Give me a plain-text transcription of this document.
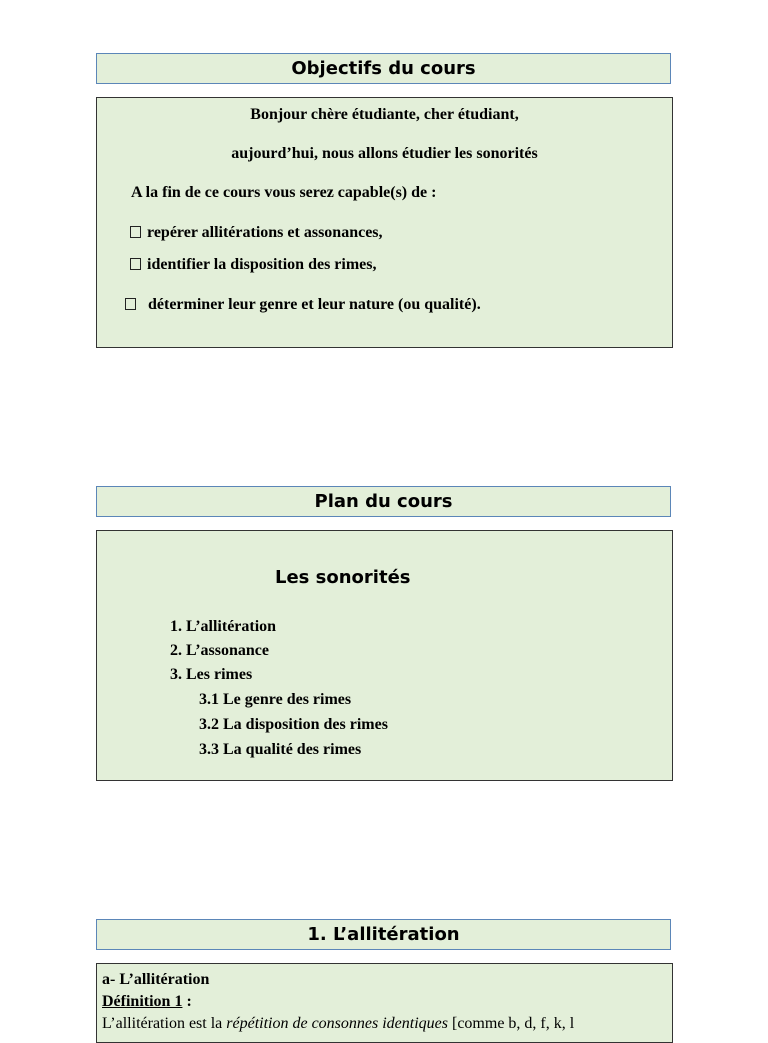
Objectifs du cours
Bonjour chère étudiante, cher étudiant,
aujourd’hui, nous allons étudier les sonorités
A la fin de ce cours vous serez capable(s) de :
repérer allitérations et assonances,
identifier la disposition des rimes,
déterminer leur genre et leur nature (ou qualité).
Plan du cours
Les sonorités
1. L’allitération
2. L’assonance
3. Les rimes
3.1 Le genre des rimes
3.2 La disposition des rimes
3.3 La qualité des rimes
1. L’allitération
a- L’allitération
Définition 1 :
L’allitération est la répétition de consonnes identiques [comme b, d, f, k, l
